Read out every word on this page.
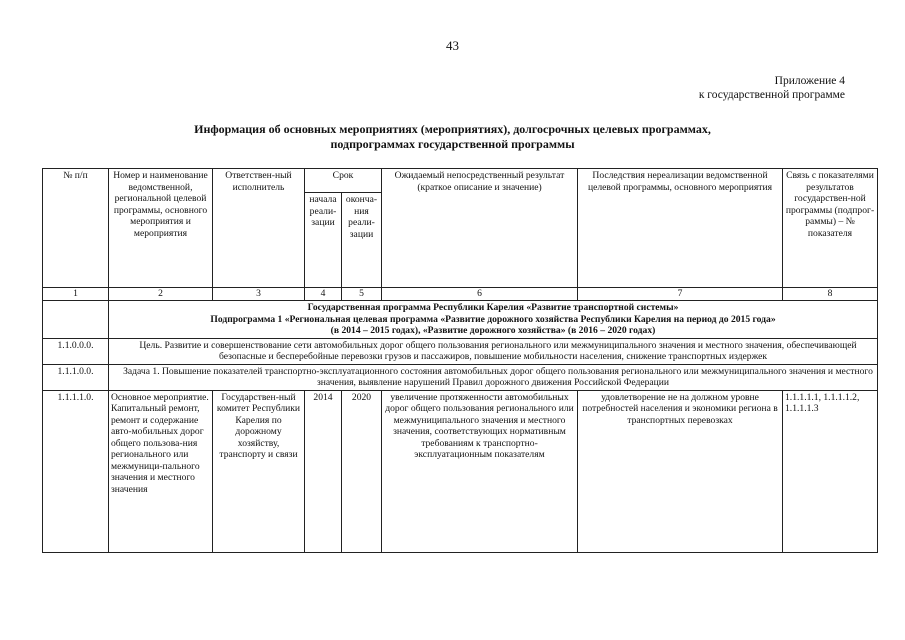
43
Приложение 4
к государственной программе
Информация об основных мероприятиях (мероприятиях), долгосрочных целевых программах,
подпрограммах государственной программы
№ п/п	Номер и наименование ведомственной, региональной целевой программы, основного мероприятия и мероприятия	Ответствен-ный исполнитель	Срок		Ожидаемый непосредственный результат (краткое описание и значение)	Последствия нереализации ведомственной целевой программы, основного мероприятия	Связь с показателями результатов государствен-ной программы (подпрог-раммы) – № показателя
			начала реали-зации	оконча-ния реали-зации			
1	2	3	4	5	6	7	8

	Государственная программа Республики Карелия «Развитие транспортной системы»
Подпрограмма 1 «Региональная целевая программа «Развитие дорожного хозяйства Республики Карелия на период до 2015 года»
(в 2014 – 2015 годах), «Развитие дорожного хозяйства» (в 2016 – 2020 годах)						

1.1.0.0.0.	Цель. Развитие и совершенствование сети автомобильных дорог общего пользования регионального или межмуниципального значения и местного значения, обеспечивающей безопасные и бесперебойные перевозки грузов и пассажиров, повышение мобильности населения, снижение транспортных издержек						
1.1.1.0.0.	Задача 1. Повышение показателей транспортно-эксплуатационного состояния автомобильных дорог общего пользования регионального или межмуниципального значения и местного значения, выявление нарушений Правил дорожного движения Российской Федерации						
1.1.1.1.0.	Основное мероприятие. Капитальный ремонт, ремонт и содержание авто-мобильных дорог общего пользова-ния регионального или межмуници-пального значения и местного значения	Государствен-ный комитет Республики Карелия по дорожному хозяйству, транспорту и связи	2014	2020	увеличение протяженности автомобильных дорог общего пользования регионального или межмуниципального значения и местного значения, соответствующих нормативным требованиям к транспортно-эксплуатационным показателям	удовлетворение не на должном уровне потребностей населения и экономики региона в транспортных перевозках	1.1.1.1.1, 1.1.1.1.2, 1.1.1.1.3
